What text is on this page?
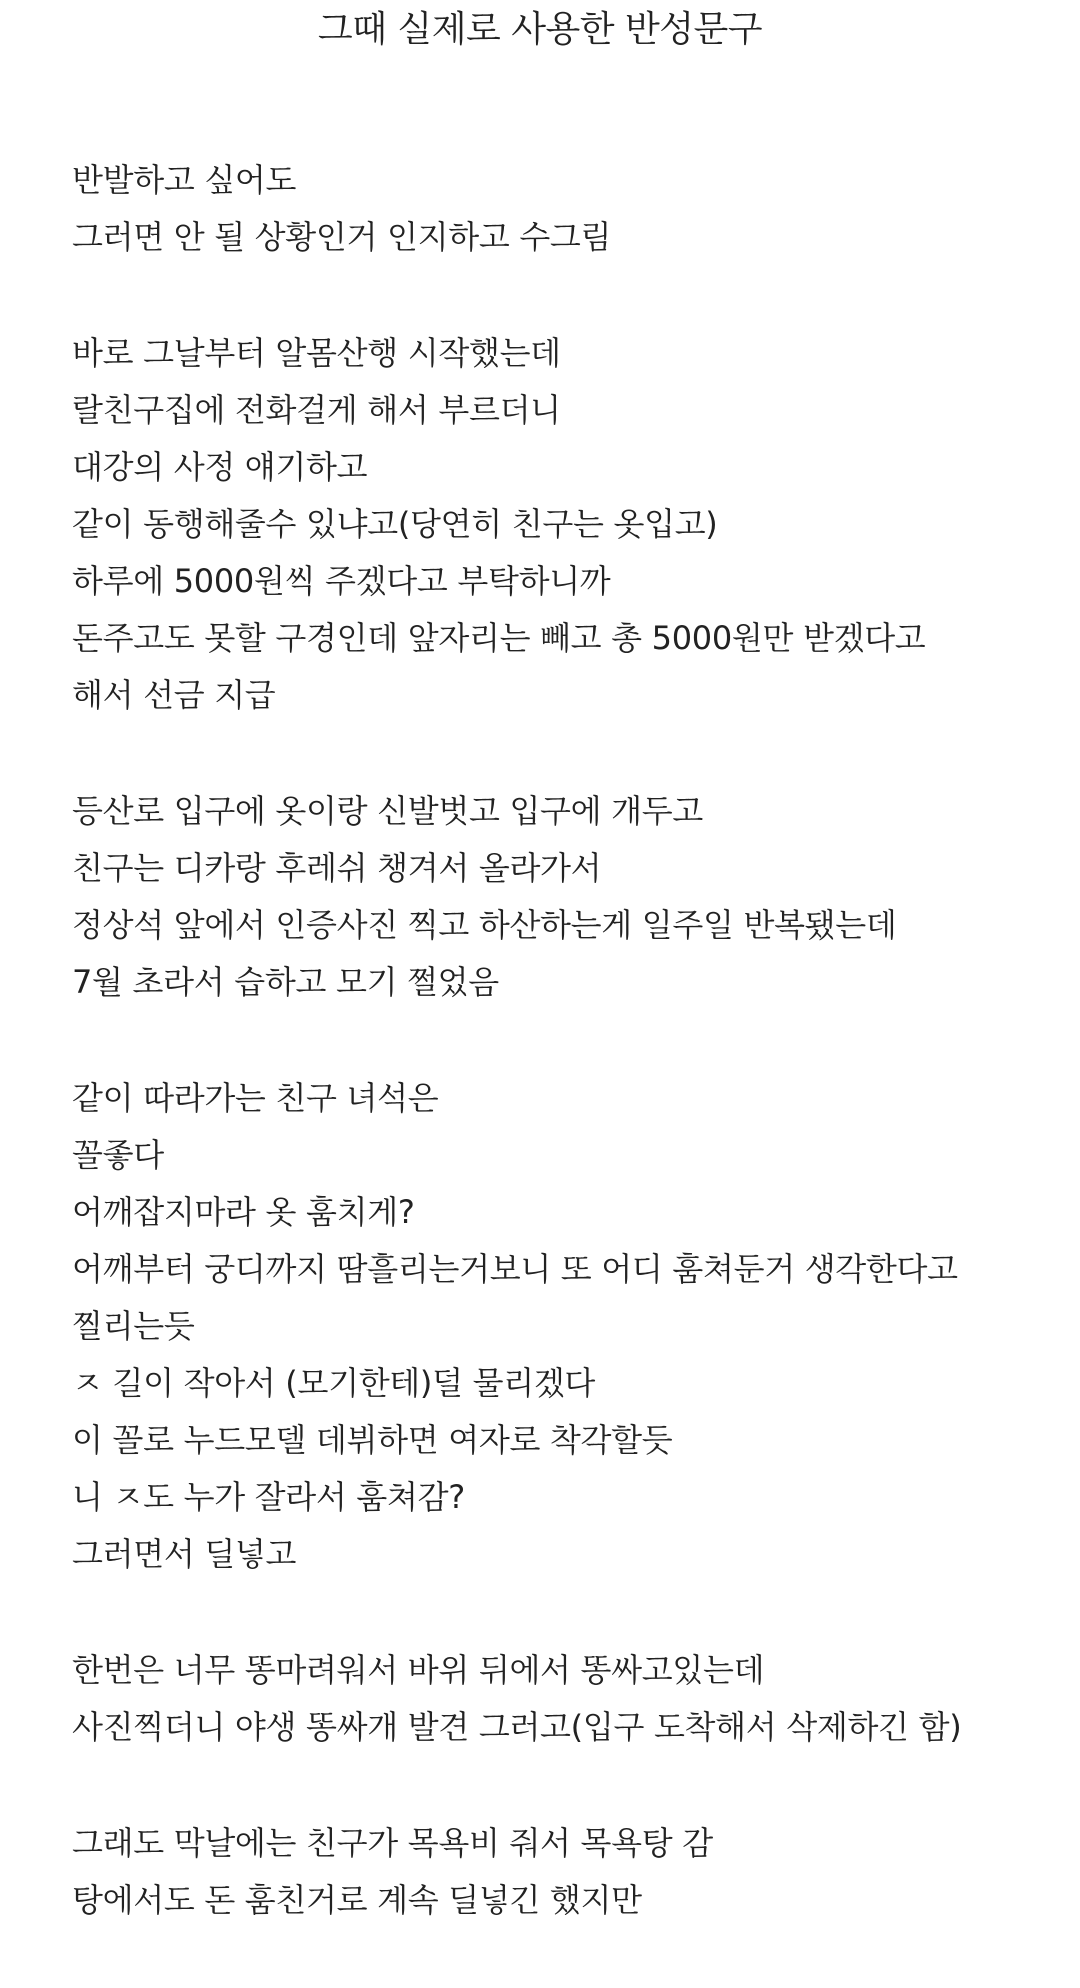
그때 실제로 사용한 반성문구
반발하고 싶어도
그러면 안 될 상황인거 인지하고 수그림
바로 그날부터 알몸산행 시작했는데
랄친구집에 전화걸게 해서 부르더니
대강의 사정 얘기하고
같이 동행해줄수 있냐고(당연히 친구는 옷입고)
하루에 5000원씩 주겠다고 부탁하니까
돈주고도 못할 구경인데 앞자리는 빼고 총 5000원만 받겠다고
해서 선금 지급
등산로 입구에 옷이랑 신발벗고 입구에 개두고
친구는 디카랑 후레쉬 챙겨서 올라가서
정상석 앞에서 인증사진 찍고 하산하는게 일주일 반복됐는데
7월 초라서 습하고 모기 쩔었음
같이 따라가는 친구 녀석은
꼴좋다
어깨잡지마라 옷 훔치게?
어깨부터 궁디까지 땀흘리는거보니 또 어디 훔쳐둔거 생각한다고
찔리는듯
ㅈ 길이 작아서 (모기한테)덜 물리겠다
이 꼴로 누드모델 데뷔하면 여자로 착각할듯
니 ㅈ도 누가 잘라서 훔쳐감?
그러면서 딜넣고
한번은 너무 똥마려워서 바위 뒤에서 똥싸고있는데
사진찍더니 야생 똥싸개 발견 그러고(입구 도착해서 삭제하긴 함)
그래도 막날에는 친구가 목욕비 줘서 목욕탕 감
탕에서도 돈 훔친거로 계속 딜넣긴 했지만
